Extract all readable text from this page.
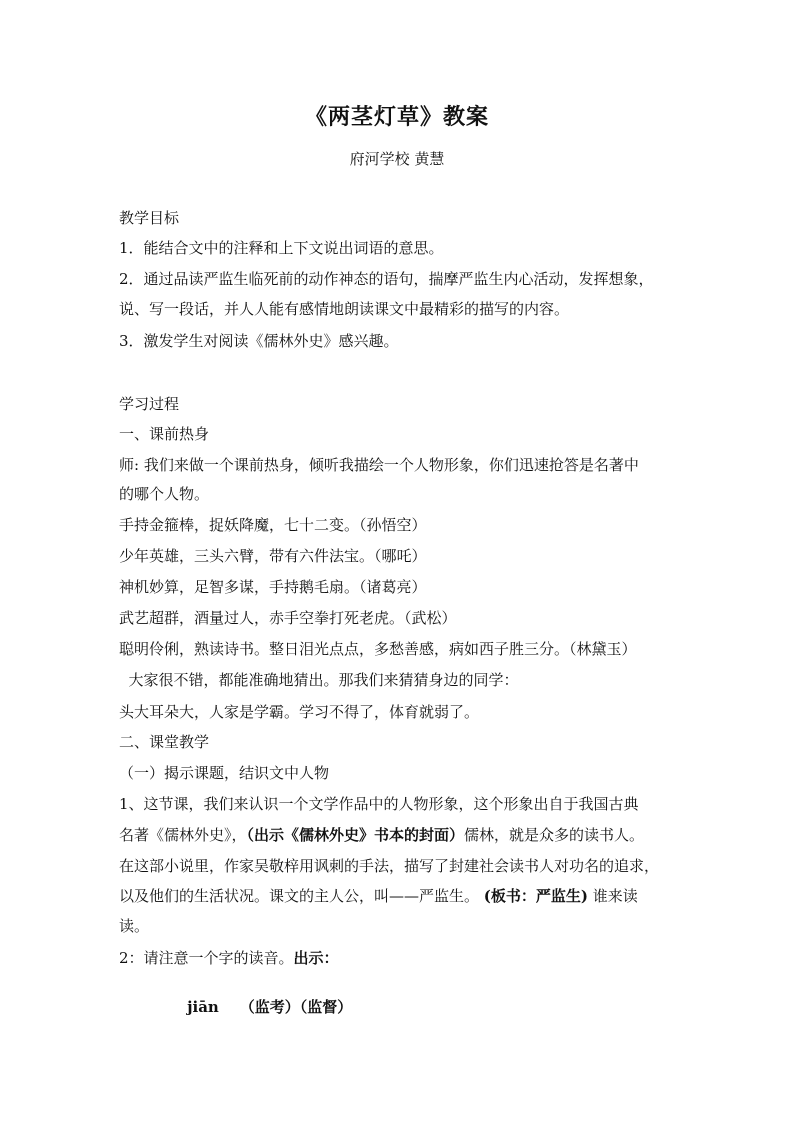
《两茎灯草》教案
府河学校 黄慧
教学目标
1．能结合文中的注释和上下文说出词语的意思。
2．通过品读严监生临死前的动作神态的语句，揣摩严监生内心活动，发挥想象，
说、写一段话，并人人能有感情地朗读课文中最精彩的描写的内容。
3．激发学生对阅读《儒林外史》感兴趣。
学习过程
一、课前热身
师: 我们来做一个课前热身，倾听我描绘一个人物形象，你们迅速抢答是名著中
的哪个人物。
手持金箍棒，捉妖降魔，七十二变。（孙悟空）
少年英雄，三头六臂，带有六件法宝。（哪吒）
神机妙算，足智多谋，手持鹅毛扇。（诸葛亮）
武艺超群，酒量过人，赤手空拳打死老虎。（武松）
聪明伶俐，熟读诗书。整日泪光点点，多愁善感，病如西子胜三分。（林黛玉）
大家很不错，都能准确地猜出。那我们来猜猜身边的同学：
头大耳朵大，人家是学霸。学习不得了，体育就弱了。
二、课堂教学
（一）揭示课题，结识文中人物
1、这节课，我们来认识一个文学作品中的人物形象，这个形象出自于我国古典
名著《儒林外史》，（出示《儒林外史》书本的封面）儒林，就是众多的读书人。
在这部小说里，作家吴敬梓用讽刺的手法，描写了封建社会读书人对功名的追求，
以及他们的生活状况。课文的主人公，叫——严监生。 (板书：严监生) 谁来读
读。
2：请注意一个字的读音。出示：

jiān    （监考）（监督）
